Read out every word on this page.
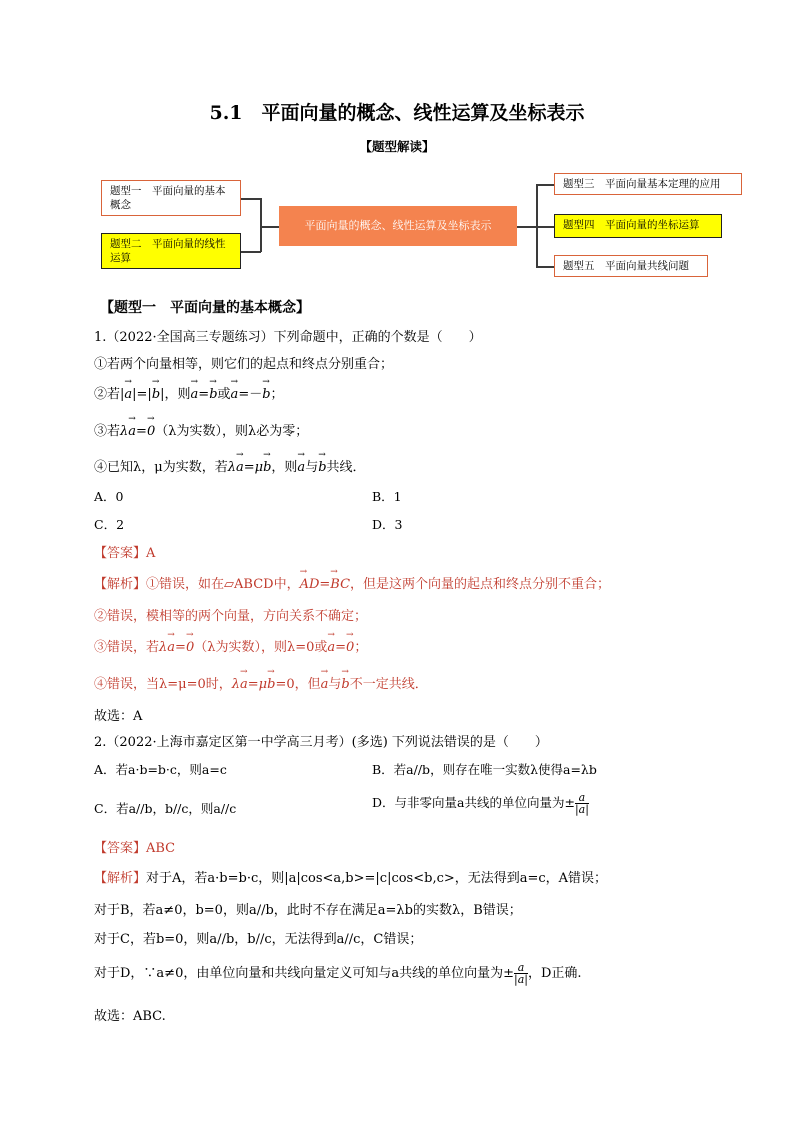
5.1　平面向量的概念、线性运算及坐标表示
【题型解读】
题型一　平面向量的基本概念
题型二　平面向量的线性运算
平面向量的概念、线性运算及坐标表示
题型三　平面向量基本定理的应用
题型四　平面向量的坐标运算
题型五　平面向量共线问题
【题型一　平面向量的基本概念】
1.（2022·全国高三专题练习）下列命题中，正确的个数是（　　）
①若两个向量相等，则它们的起点和终点分别重合；
②若|→ a|=|→ b|，则→ a=→ b或→ a=－→ b；
③若λ→ a=→ 0（λ为实数），则λ必为零；
④已知λ，μ为实数，若λ→ a=μ→ b，则→ a与→ b共线．
A．0	B．1
C．2	D．3
【答案】A
【解析】①错误，如在▱ABCD中，→ AD=→ BC，但是这两个向量的起点和终点分别不重合；
②错误，模相等的两个向量，方向关系不确定；
③错误，若λ→ a=→ 0（λ为实数），则λ=0或→ a=→ 0；
④错误，当λ=μ=0时，λ→ a=μ→ b=0，但→ a与→ b不一定共线．
故选：A
2.（2022·上海市嘉定区第一中学高三月考）(多选) 下列说法错误的是（　　）
A．若a·b=b·c，则a=c	B．若a//b，则存在唯一实数λ使得a=λb
C．若a//b，b//c，则a//c	D．与非零向量a共线的单位向量为± $\frac{a}{|a|}$
【答案】ABC
【解析】对于A，若a·b=b·c，则|a|cos<a,b>=|c|cos<b,c>，无法得到a=c，A错误；
对于B，若a≠0，b=0，则a//b，此时不存在满足a=λb的实数λ，B错误；
对于C，若b=0，则a//b，b//c，无法得到a//c，C错误；
对于D，∵a≠0，由单位向量和共线向量定义可知与a共线的单位向量为± $\frac{a}{|a|}$ ，D正确.
故选：ABC.
